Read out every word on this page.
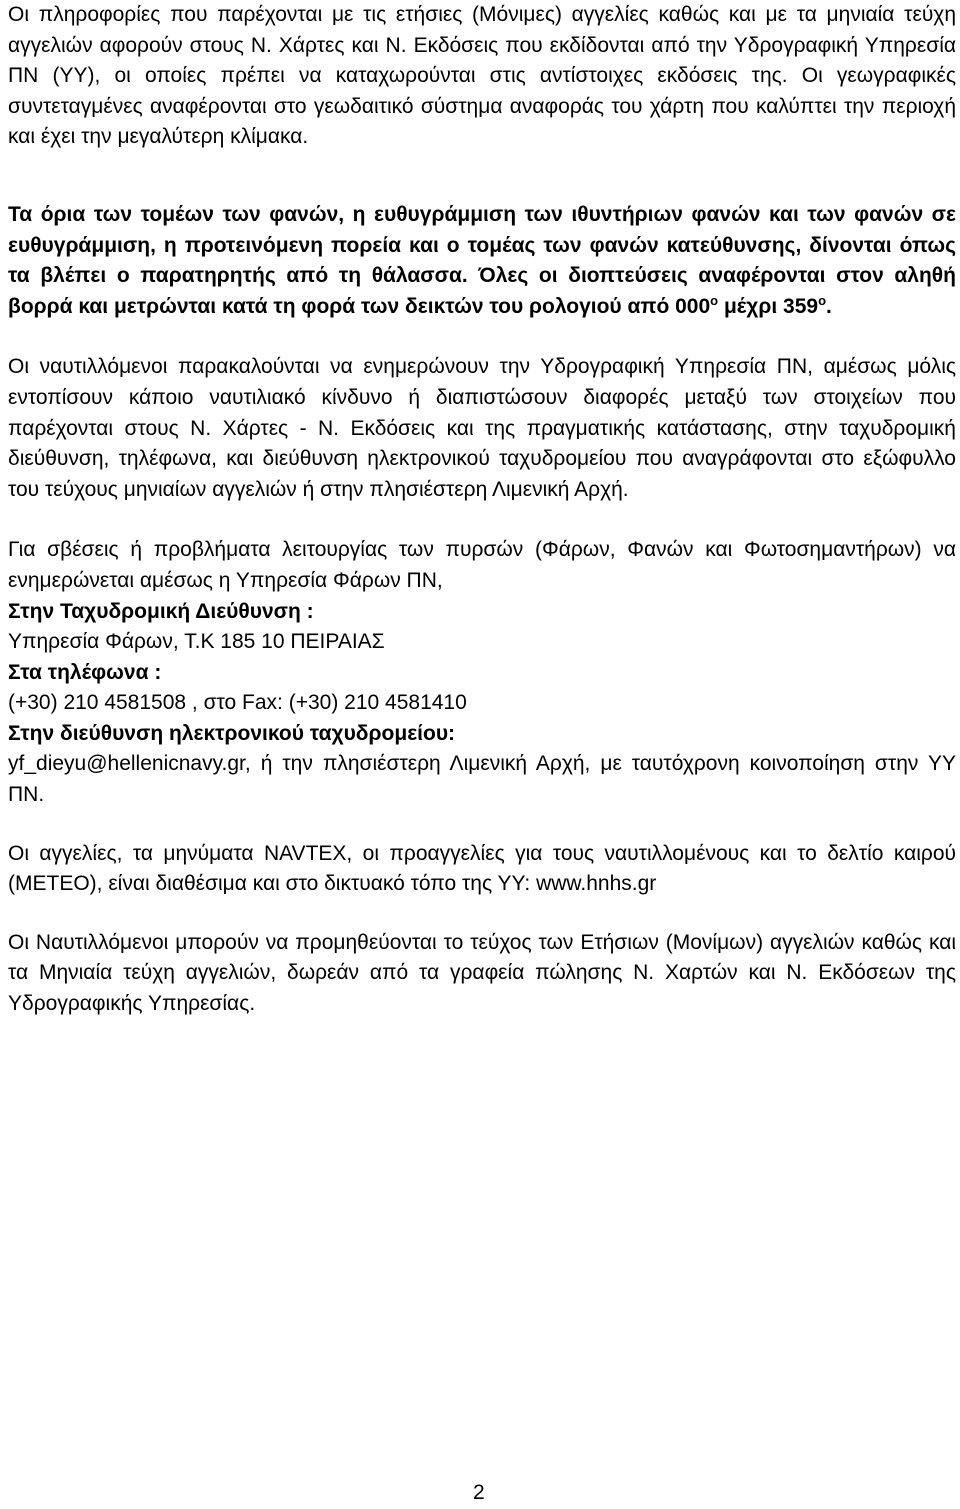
Οι πληροφορίες που παρέχονται με τις ετήσιες (Μόνιμες) αγγελίες καθώς και με τα μηνιαία τεύχη αγγελιών αφορούν στους Ν. Χάρτες και Ν. Εκδόσεις που εκδίδονται από την Υδρογραφική Υπηρεσία ΠΝ (ΥΥ), οι οποίες πρέπει να καταχωρούνται στις αντίστοιχες εκδόσεις της. Οι γεωγραφικές συντεταγμένες αναφέρονται στο γεωδαιτικό σύστημα αναφοράς του χάρτη που καλύπτει την περιοχή και έχει την μεγαλύτερη κλίμακα.

Τα όρια των τομέων των φανών, η ευθυγράμμιση των ιθυντήριων φανών και των φανών σε ευθυγράμμιση, η προτεινόμενη πορεία και ο τομέας των φανών κατεύθυνσης, δίνονται όπως τα βλέπει ο παρατηρητής από τη θάλασσα. Όλες οι διοπτεύσεις αναφέρονται στον αληθή βορρά και μετρώνται κατά τη φορά των δεικτών του ρολογιού από $000^o$ μέχρι $359^o$.

Οι ναυτιλλόμενοι παρακαλούνται να ενημερώνουν την Υδρογραφική Υπηρεσία ΠΝ, αμέσως μόλις εντοπίσουν κάποιο ναυτιλιακό κίνδυνο ή διαπιστώσουν διαφορές μεταξύ των στοιχείων που παρέχονται στους Ν. Χάρτες - Ν. Εκδόσεις και της πραγματικής κατάστασης, στην ταχυδρομική διεύθυνση, τηλέφωνα, και διεύθυνση ηλεκτρονικού ταχυδρομείου που αναγράφονται στο εξώφυλλο του τεύχους μηνιαίων αγγελιών ή στην πλησιέστερη Λιμενική Αρχή.

Για σβέσεις ή προβλήματα λειτουργίας των πυρσών (Φάρων, Φανών και Φωτοσημαντήρων) να ενημερώνεται αμέσως η Υπηρεσία Φάρων ΠΝ,

Στην Ταχυδρομική Διεύθυνση :

Υπηρεσία Φάρων, Τ.Κ 185 10 ΠΕΙΡΑΙΑΣ

Στα τηλέφωνα :

(+30) 210 4581508 , στο Fax: (+30) 210 4581410

Στην διεύθυνση ηλεκτρονικού ταχυδρομείου:

yf_dieyu@hellenicnavy.gr, ή την πλησιέστερη Λιμενική Αρχή, με ταυτόχρονη κοινοποίηση στην ΥΥ ΠΝ.

Οι αγγελίες, τα μηνύματα NAVTEX, οι προαγγελίες για τους ναυτιλλομένους και το δελτίο καιρού (ΜΕΤΕΟ), είναι διαθέσιμα και στο δικτυακό τόπο της ΥΥ: www.hnhs.gr

Οι Ναυτιλλόμενοι μπορούν να προμηθεύονται το τεύχος των Ετήσιων (Μονίμων) αγγελιών καθώς και τα Μηνιαία τεύχη αγγελιών, δωρεάν από τα γραφεία πώλησης Ν. Χαρτών και Ν. Εκδόσεων της Υδρογραφικής Υπηρεσίας.

2
